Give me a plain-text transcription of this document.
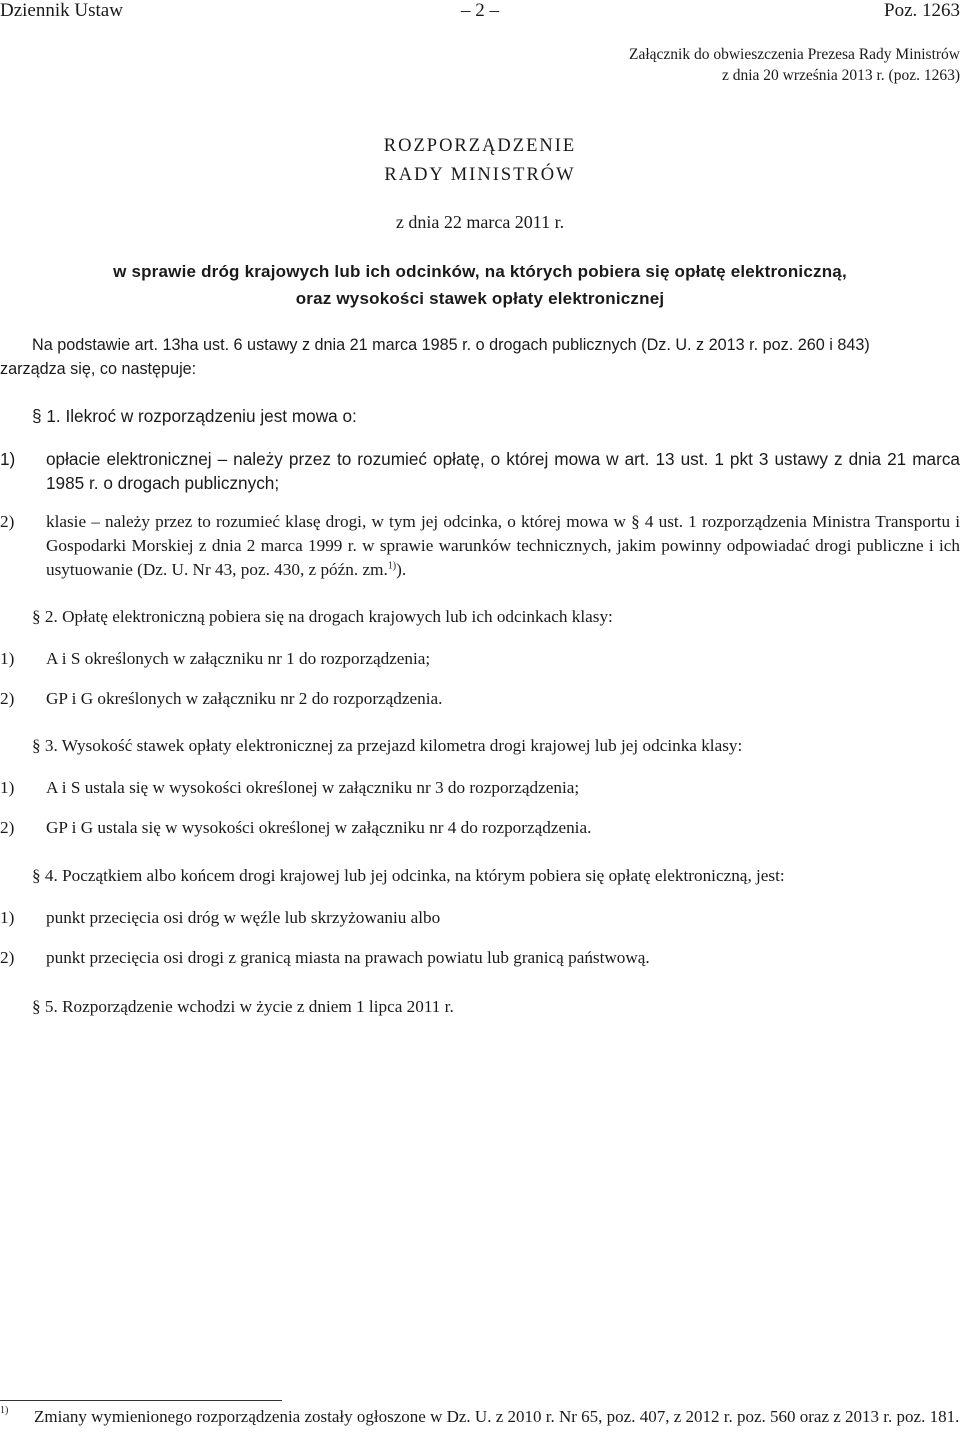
Dziennik Ustaw	– 2 –	Poz. 1263
Załącznik do obwieszczenia Prezesa Rady Ministrów
z dnia 20 września 2013 r. (poz. 1263)
ROZPORZĄDZENIE
RADY MINISTRÓW
z dnia 22 marca 2011 r.
w sprawie dróg krajowych lub ich odcinków, na których pobiera się opłatę elektroniczną,
oraz wysokości stawek opłaty elektronicznej
Na podstawie art. 13ha ust. 6 ustawy z dnia 21 marca 1985 r. o drogach publicznych (Dz. U. z 2013 r. poz. 260 i 843)
zarządza się, co następuje:
§ 1. Ilekroć w rozporządzeniu jest mowa o:
1) opłacie elektronicznej – należy przez to rozumieć opłatę, o której mowa w art. 13 ust. 1 pkt 3 ustawy z dnia 21 marca 1985 r. o drogach publicznych;
2) klasie – należy przez to rozumieć klasę drogi, w tym jej odcinka, o której mowa w § 4 ust. 1 rozporządzenia Ministra Transportu i Gospodarki Morskiej z dnia 2 marca 1999 r. w sprawie warunków technicznych, jakim powinny odpowiadać drogi publiczne i ich usytuowanie (Dz. U. Nr 43, poz. 430, z późn. zm.$^{1)}$).
§ 2. Opłatę elektroniczną pobiera się na drogach krajowych lub ich odcinkach klasy:
1) A i S określonych w załączniku nr 1 do rozporządzenia;
2) GP i G określonych w załączniku nr 2 do rozporządzenia.
§ 3. Wysokość stawek opłaty elektronicznej za przejazd kilometra drogi krajowej lub jej odcinka klasy:
1) A i S ustala się w wysokości określonej w załączniku nr 3 do rozporządzenia;
2) GP i G ustala się w wysokości określonej w załączniku nr 4 do rozporządzenia.
§ 4. Początkiem albo końcem drogi krajowej lub jej odcinka, na którym pobiera się opłatę elektroniczną, jest:
1) punkt przecięcia osi dróg w węźle lub skrzyżowaniu albo
2) punkt przecięcia osi drogi z granicą miasta na prawach powiatu lub granicą państwową.
§ 5. Rozporządzenie wchodzi w życie z dniem 1 lipca 2011 r.
1) Zmiany wymienionego rozporządzenia zostały ogłoszone w Dz. U. z 2010 r. Nr 65, poz. 407, z 2012 r. poz. 560 oraz z 2013 r. poz. 181.
